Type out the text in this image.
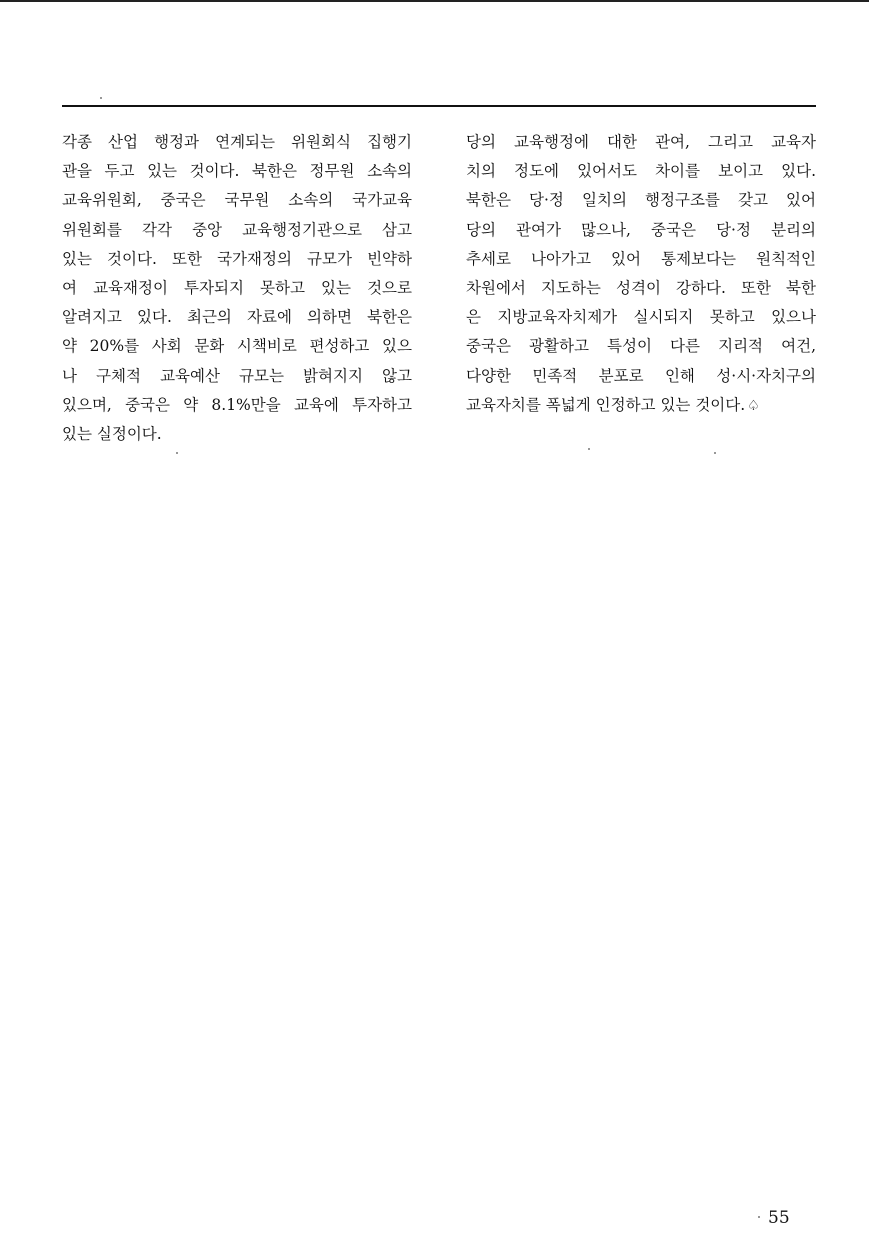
각종 산업 행정과 연계되는 위원회식 집행기
관을 두고 있는 것이다. 북한은 정무원 소속의
교육위원회, 중국은 국무원 소속의 국가교육
위원회를 각각 중앙 교육행정기관으로 삼고
있는 것이다. 또한 국가재정의 규모가 빈약하
여 교육재정이 투자되지 못하고 있는 것으로
알려지고 있다. 최근의 자료에 의하면 북한은
약 20%를 사회 문화 시책비로 편성하고 있으
나 구체적 교육예산 규모는 밝혀지지 않고
있으며, 중국은 약 8.1%만을 교육에 투자하고
있는 실정이다.
당의 교육행정에 대한 관여, 그리고 교육자
치의 정도에 있어서도 차이를 보이고 있다.
북한은 당·정 일치의 행정구조를 갖고 있어
당의 관여가 많으나, 중국은 당·정 분리의
추세로 나아가고 있어 통제보다는 원칙적인
차원에서 지도하는 성격이 강하다. 또한 북한
은 지방교육자치제가 실시되지 못하고 있으나
중국은 광활하고 특성이 다른 지리적 여건,
다양한 민족적 분포로 인해 성·시·자치구의
교육자치를 폭넓게 인정하고 있는 것이다. ♤
55
